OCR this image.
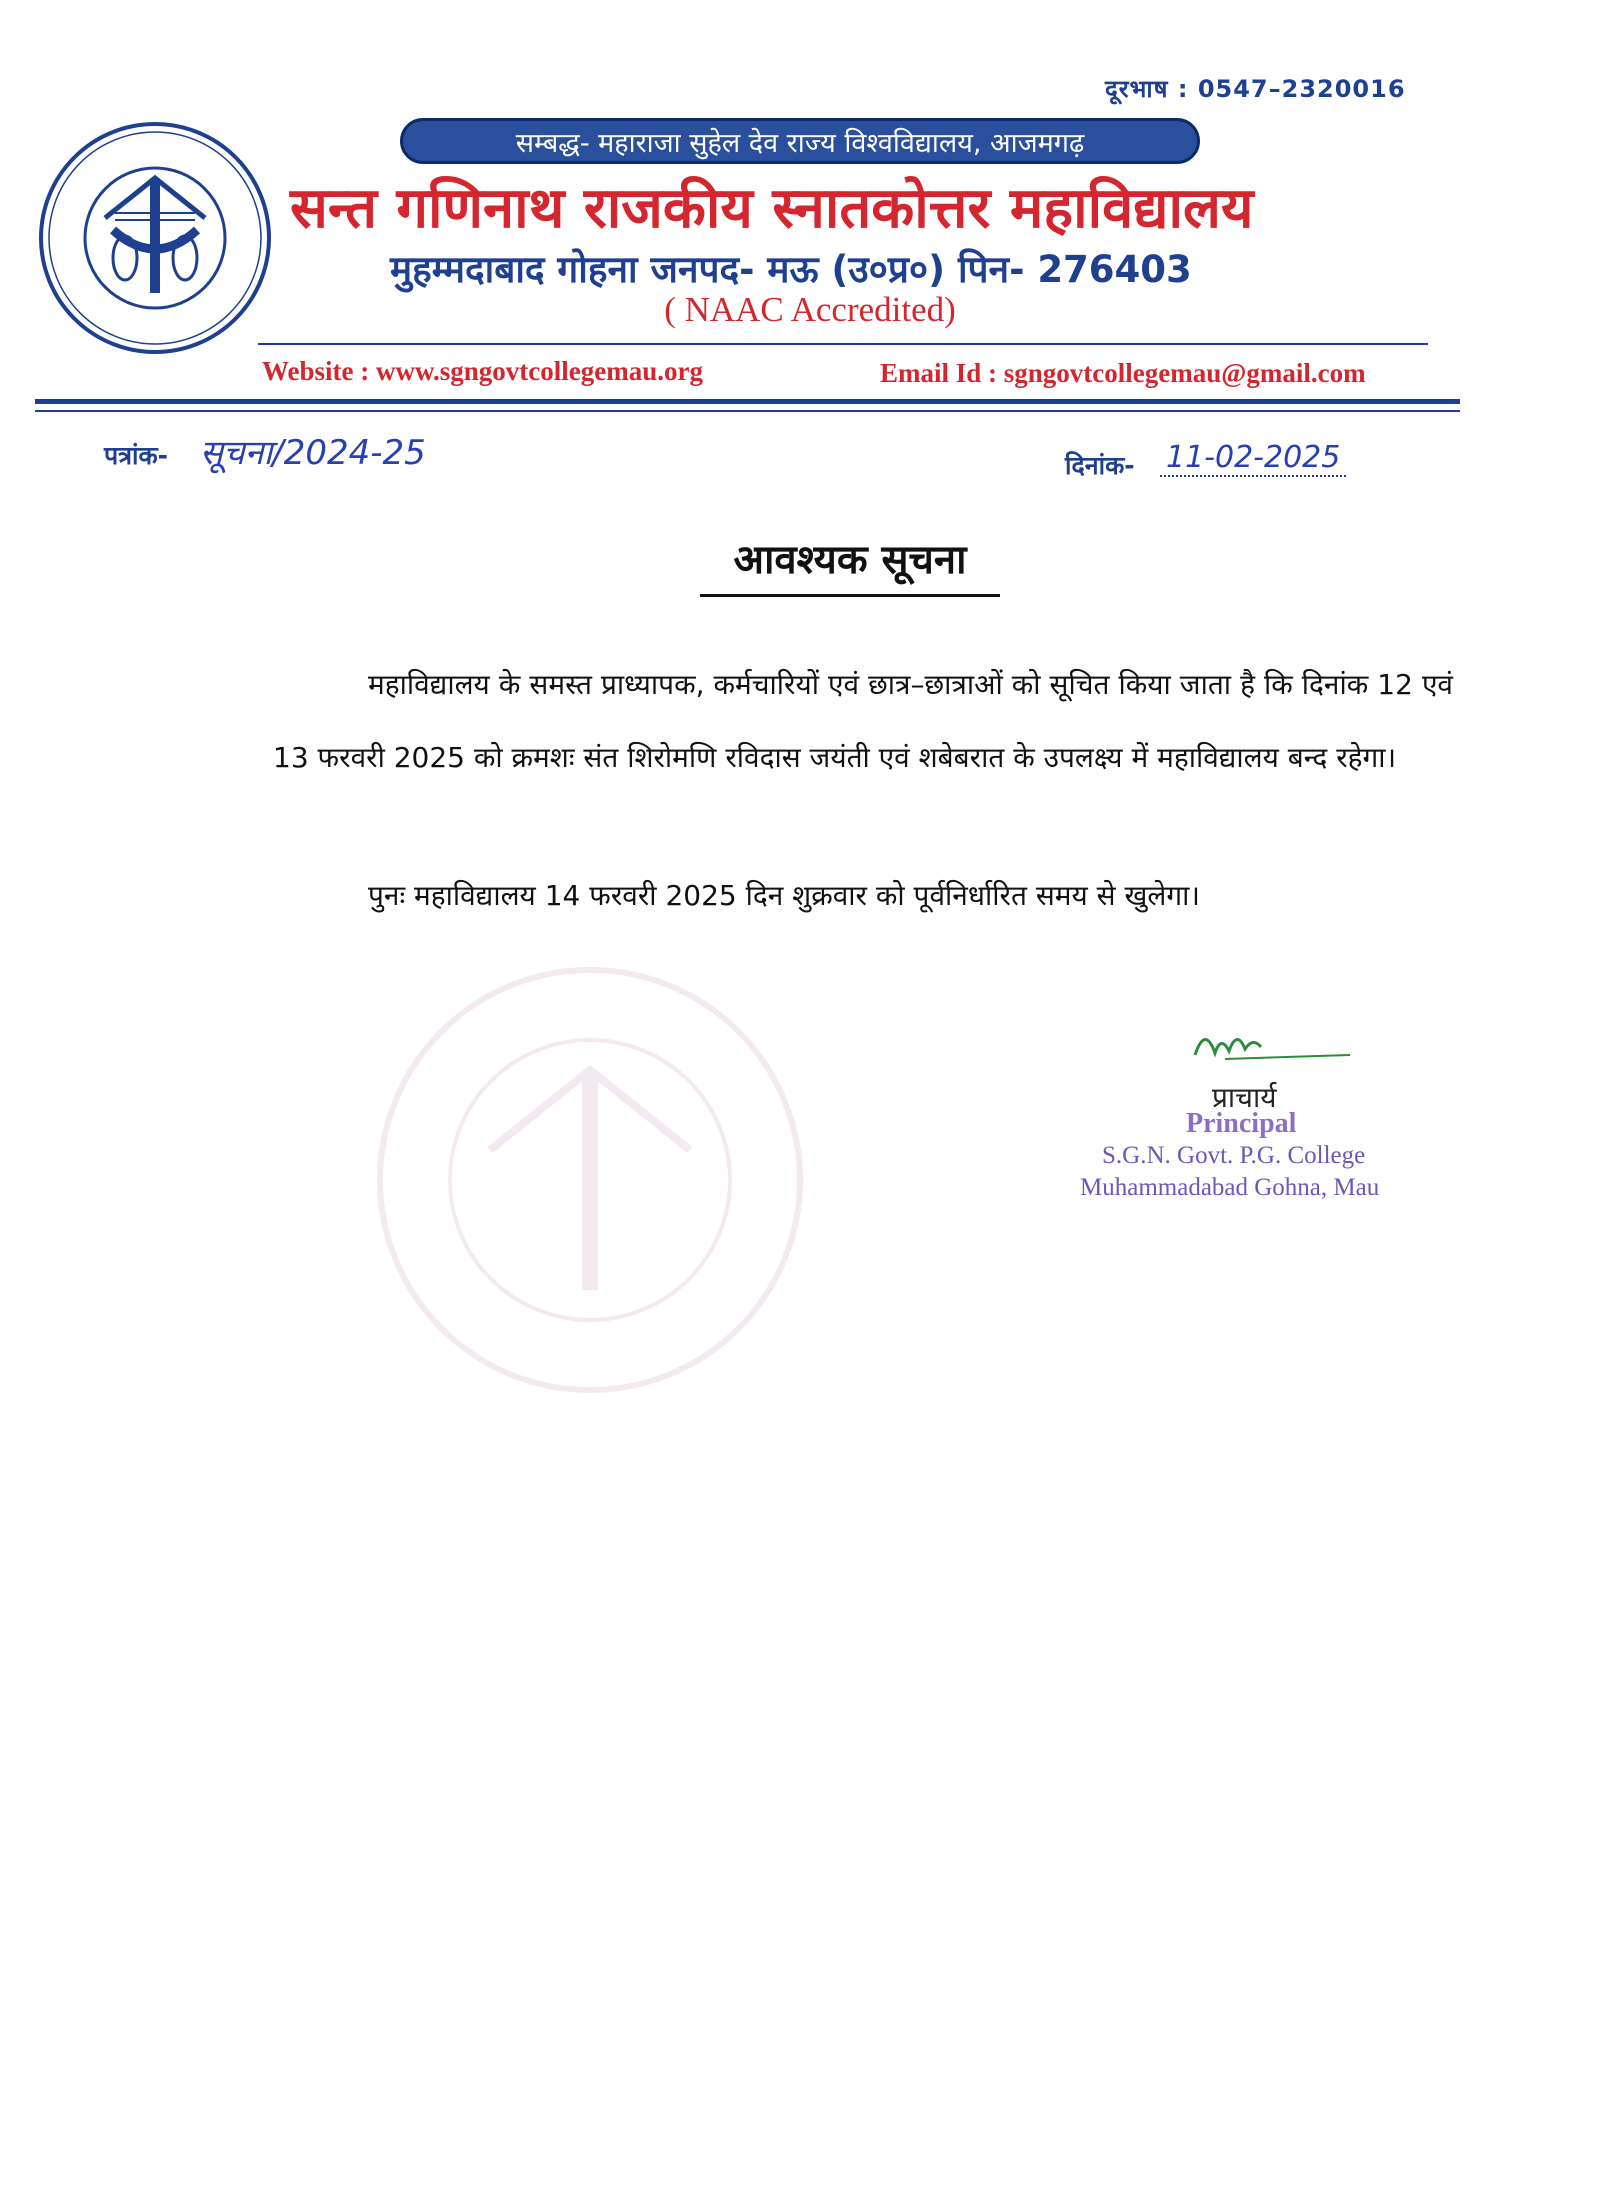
दूरभाष : 0547–2320016
सम्बद्ध- महाराजा सुहेल देव राज्य विश्वविद्यालय, आजमगढ़
सन्त गणिनाथ राजकीय स्नातकोत्तर महाविद्यालय
मुहम्मदाबाद गोहना जनपद- मऊ (उ०प्र०) पिन- 276403
( NAAC Accredited)
Website : www.sgngovtcollegemau.org	Email Id : sgngovtcollegemau@gmail.com
पत्रांक- सूचना/2024-25	दिनांक- 11-02-2025
आवश्यक सूचना
महाविद्यालय के समस्त प्राध्यापक, कर्मचारियों एवं छात्र–छात्राओं को सूचित किया जाता है कि दिनांक 12 एवं 13 फरवरी 2025 को क्रमशः संत शिरोमणि रविदास जयंती एवं शबेबरात के उपलक्ष्य में महाविद्यालय बन्द रहेगा।
पुनः महाविद्यालय 14 फरवरी 2025 दिन शुक्रवार को पूर्वनिर्धारित समय से खुलेगा।
प्राचार्य
Principal
S.G.N. Govt. P.G. College
Muhammadabad Gohna, Mau
